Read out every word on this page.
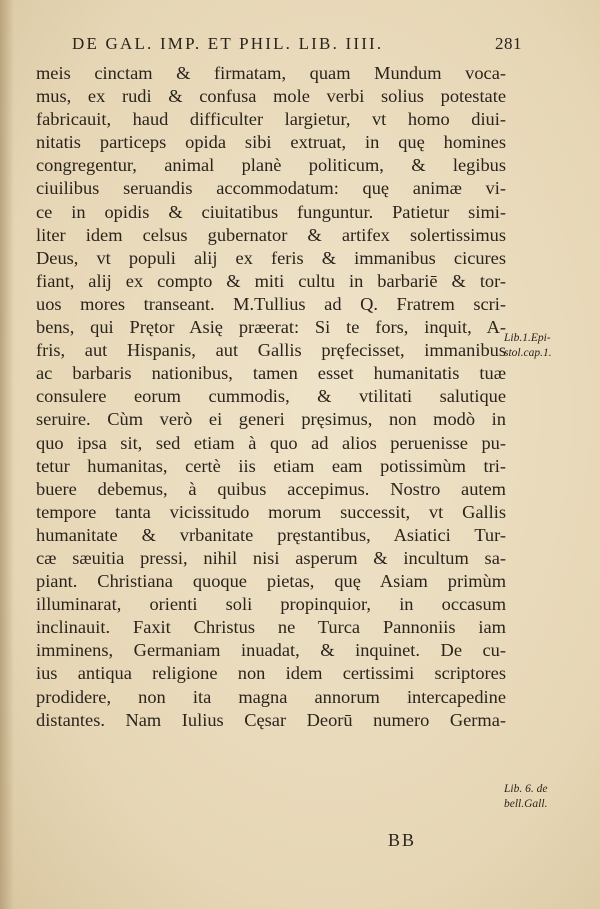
DE GAL. IMP. ET PHIL. LIB. IIII.	281
meis cinctam & firmatam, quam Mundum voca-
mus, ex rudi & confusa mole verbi solius potestate
fabricauit, haud difficulter largietur, vt homo diui-
nitatis particeps opida sibi extruat, in quę homines
congregentur, animal planè politicum, & legibus
ciuilibus seruandis accommodatum: quę animæ vi-
ce in opidis & ciuitatibus funguntur. Patietur simi-
liter idem celsus gubernator & artifex solertissimus
Deus, vt populi alij ex feris & immanibus cicures
fiant, alij ex compto & miti cultu in barbariē & tor-
uos mores transeant. M.Tullius ad Q. Fratrem scri-
bens, qui Prętor Asię præerat: Si te fors, inquit, A-
fris, aut Hispanis, aut Gallis pręfecisset, immanibus
ac barbaris nationibus, tamen esset humanitatis tuæ
consulere eorum cummodis, & vtilitati salutique
seruire. Cùm verò ei generi pręsimus, non modò in
quo ipsa sit, sed etiam à quo ad alios peruenisse pu-
tetur humanitas, certè iis etiam eam potissimùm tri-
buere debemus, à quibus accepimus. Nostro autem
tempore tanta vicissitudo morum successit, vt Gallis
humanitate & vrbanitate pręstantibus, Asiatici Tur-
cæ sæuitia pressi, nihil nisi asperum & incultum sa-
piant. Christiana quoque pietas, quę Asiam primùm
illuminarat, orienti soli propinquior, in occasum
inclinauit. Faxit Christus ne Turca Pannoniis iam
imminens, Germaniam inuadat, & inquinet. De cu-
ius antiqua religione non idem certissimi scriptores
prodidere, non ita magna annorum intercapedine
distantes. Nam Iulius Cęsar Deorū numero Germa-
Lib.1.Epi-
stol.cap.1.
Lib. 6. de
bell.Gall.
BB
